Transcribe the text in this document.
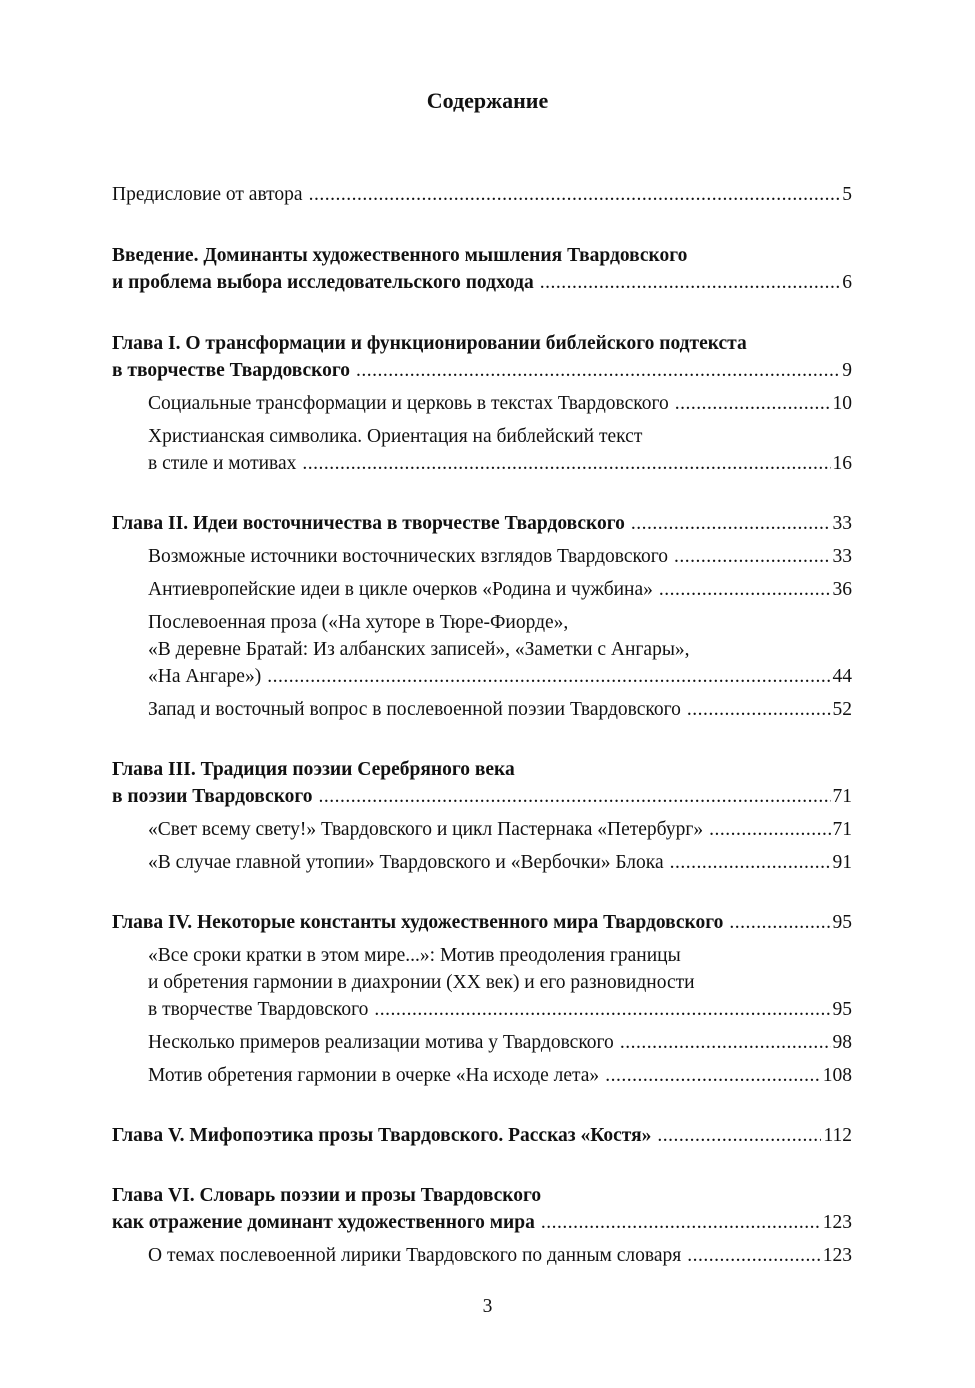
Содержание
Предисловие от автора .....	5
Введение. Доминанты художественного мышления Твардовского
и проблема выбора исследовательского подхода .....	6
Глава I. О трансформации и функционировании библейского подтекста
в творчестве Твардовского .....	9
Социальные трансформации и церковь в текстах Твардовского .....	10
Христианская символика. Ориентация на библейский текст
в стиле и мотивах .....	16
Глава II. Идеи восточничества в творчестве Твардовского .....	33
Возможные источники восточнических взглядов Твардовского .....	33
Антиевропейские идеи в цикле очерков «Родина и чужбина» .....	36
Послевоенная проза («На хуторе в Тюре-Фиорде»,
«В деревне Братай: Из албанских записей», «Заметки с Ангары»,
«На Ангаре») .....	44
Запад и восточный вопрос в послевоенной поэзии Твардовского .....	52
Глава III. Традиция поэзии Серебряного века
в поэзии Твардовского .....	71
«Свет всему свету!» Твардовского и цикл Пастернака «Петербург» .....	71
«В случае главной утопии» Твардовского и «Вербочки» Блока .....	91
Глава IV. Некоторые константы художественного мира Твардовского .....	95
«Все сроки кратки в этом мире...»: Мотив преодоления границы
и обретения гармонии в диахронии (XX век) и его разновидности
в творчестве Твардовского .....	95
Несколько примеров реализации мотива у Твардовского .....	98
Мотив обретения гармонии в очерке «На исходе лета» .....	108
Глава V. Мифопоэтика прозы Твардовского. Рассказ «Костя» .....	112
Глава VI. Словарь поэзии и прозы Твардовского
как отражение доминант художественного мира .....	123
О темах послевоенной лирики Твардовского по данным словаря .....	123
3
